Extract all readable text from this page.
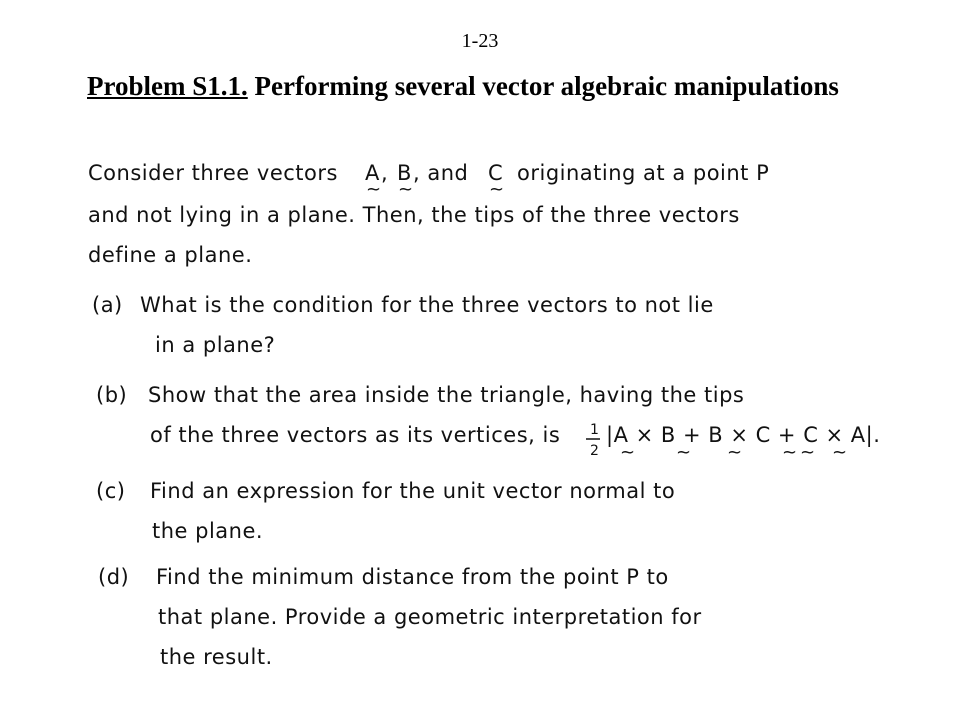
1-23
Problem S1.1. Performing several vector algebraic manipulations
Consider three vectors A
~
, B
~
, and C
~
originating at a point P
and not lying in a plane. Then, the tips of the three vectors
define a plane.
(a) What is the condition for the three vectors to not lie
in a plane?
(b) Show that the area inside the triangle, having the tips
of the three vectors as its vertices, is 1
2
|A × B + B × C + C × A|.
~ ~ ~ ~ ~ ~
(c) Find an expression for the unit vector normal to
the plane.
(d) Find the minimum distance from the point P to
that plane. Provide a geometric interpretation for
the result.
